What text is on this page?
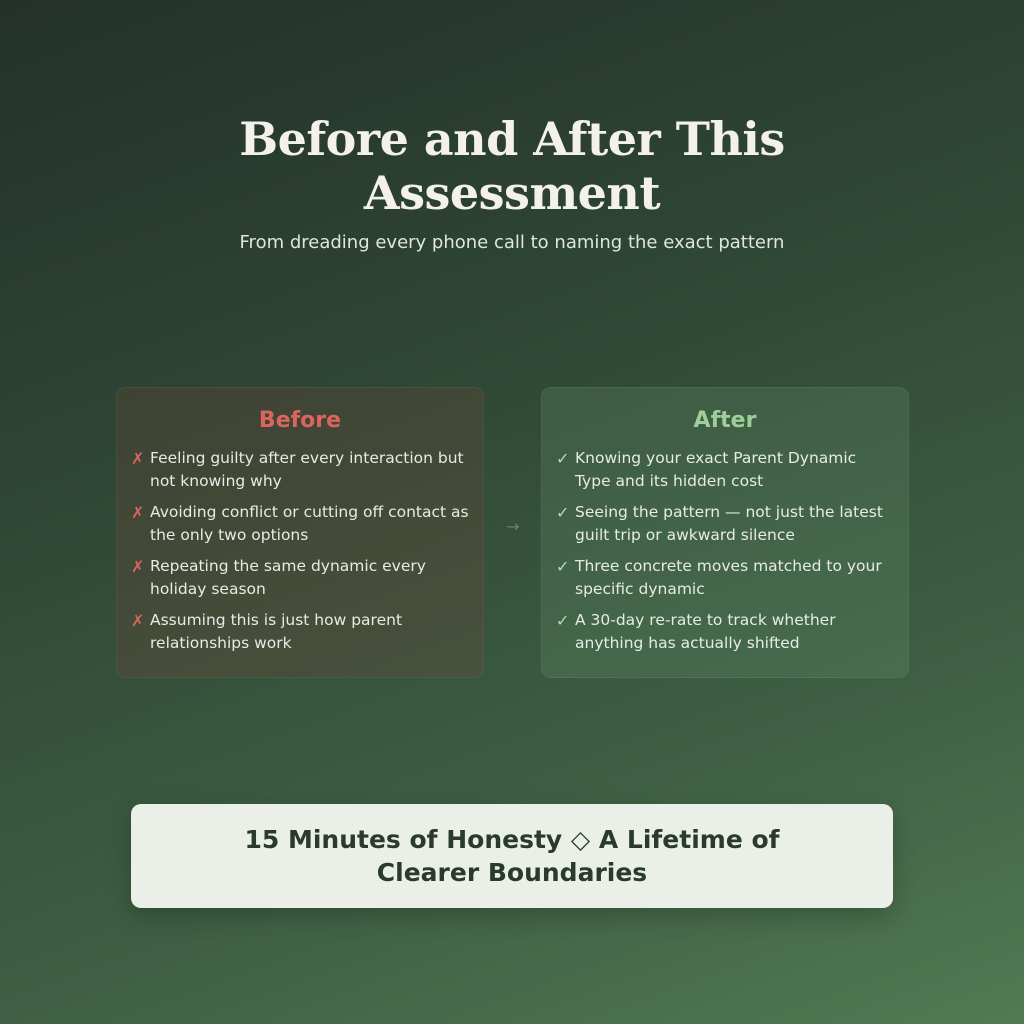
Before and After This Assessment
From dreading every phone call to naming the exact pattern
Before
✗ Feeling guilty after every interaction but not knowing why
✗ Avoiding conflict or cutting off contact as the only two options
✗ Repeating the same dynamic every holiday season
✗ Assuming this is just how parent relationships work
→
After
✓ Knowing your exact Parent Dynamic Type and its hidden cost
✓ Seeing the pattern — not just the latest guilt trip or awkward silence
✓ Three concrete moves matched to your specific dynamic
✓ A 30-day re-rate to track whether anything has actually shifted
15 Minutes of Honesty ◇ A Lifetime of Clearer Boundaries
